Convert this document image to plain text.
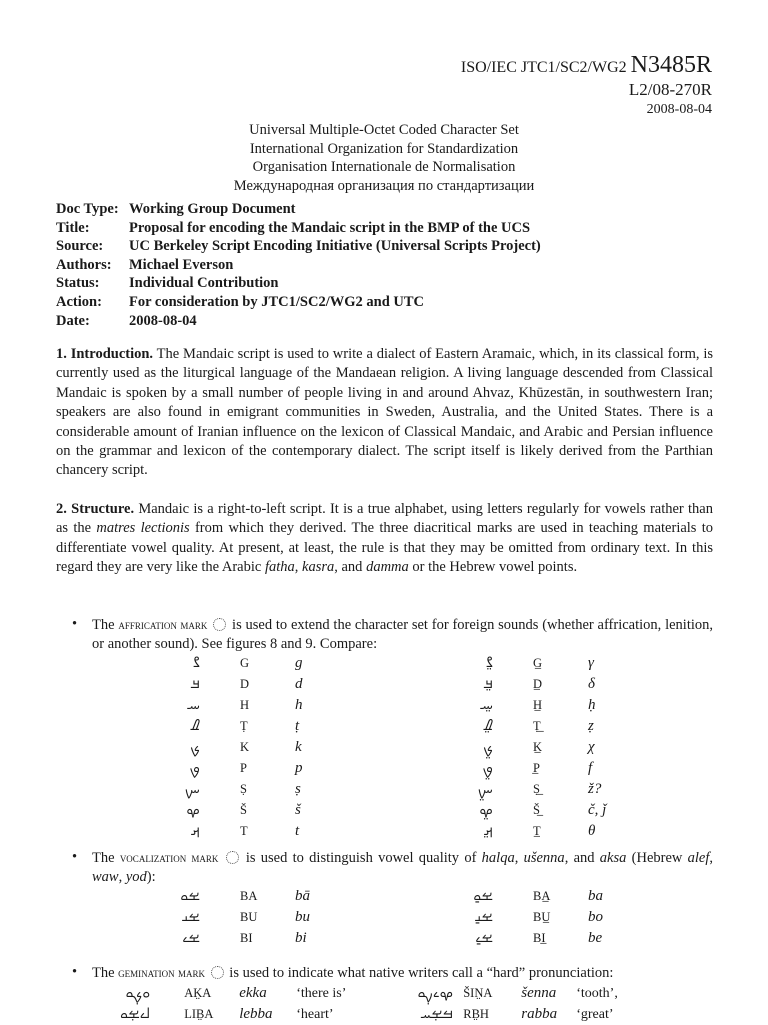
ISO/IEC JTC1/SC2/WG2 N3485R
L2/08-270R
2008-08-04
Universal Multiple-Octet Coded Character Set
International Organization for Standardization
Organisation Internationale de Normalisation
Международная организация по стандартизации
Doc Type: Working Group Document
Title:	Proposal for encoding the Mandaic script in the BMP of the UCS
Source:	UC Berkeley Script Encoding Initiative (Universal Scripts Project)
Authors:	Michael Everson
Status:	Individual Contribution
Action:	For consideration by JTC1/SC2/WG2 and UTC
Date:	2008-08-04
1. Introduction. The Mandaic script is used to write a dialect of Eastern Aramaic, which, in its classical form, is currently used as the liturgical language of the Mandaean religion. A living language descended from Classical Mandaic is spoken by a small number of people living in and around Ahvaz, Khūzestān, in southwestern Iran; speakers are also found in emigrant communities in Sweden, Australia, and the United States. There is a considerable amount of Iranian influence on the lexicon of Classical Mandaic, and Arabic and Persian influence on the grammar and lexicon of the contemporary dialect. The script itself is likely derived from the Parthian chancery script.
2. Structure. Mandaic is a right-to-left script. It is a true alphabet, using letters regularly for vowels rather than as the matres lectionis from which they derived. The three diacritical marks are used in teaching materials to differentiate vowel quality. At present, at least, the rule is that they may be omitted from ordinary text. In this regard they are very like the Arabic fatha, kasra, and damma or the Hebrew vowel points.
• The affrication mark  is used to extend the character set for foreign sounds (whether affrication, lenition, or another sound). See figures 8 and 9. Compare:
ࡂ	G	g	ࡂ࡙	G̲	γ
ࡃ	D	d	ࡃ࡙	D̲	δ
ࡄ	H	h	ࡄ࡙	H̲	ḥ
ࡈ	Ṭ	ṭ	ࡈ࡙	Ṭ̲	ẓ
ࡊ	K	k	ࡊ࡙	K̲	χ
ࡐ	P	p	ࡐ࡙	P̲	f
ࡑ	Ṣ	ṣ	ࡑ࡙	Ṣ̲	ž?
ࡔ	Š	š	ࡔ࡙	Š̲	č, ǰ
ࡕ	T	t	ࡕ࡙	T̲	θ
• The vocalization mark  is used to distinguish vowel quality of halqa, ušenna, and aksa (Hebrew alef, waw, yod):
ࡁࡀ	BA	bā	ࡁࡀ࡚	BA̲	ba
ࡁࡅ	BU	bu	ࡁࡅ࡚	BU̲	bo
ࡁࡉ	BI	bi	ࡁࡉ࡚	BI̲	be
• The gemination mark  is used to indicate what native writers call a “hard” pronunciation:
ࡀࡊ࡛ࡀ	AK̤A	ekka	‘there is’	ࡔࡉࡍ࡛ࡀ	ŠIN̤A	šenna	‘tooth’,
ࡋࡉࡁ࡛ࡀ	LIB̤A	lebba	‘heart’	ࡓࡁ࡛ࡄ	RB̤H	rabba	‘great’
